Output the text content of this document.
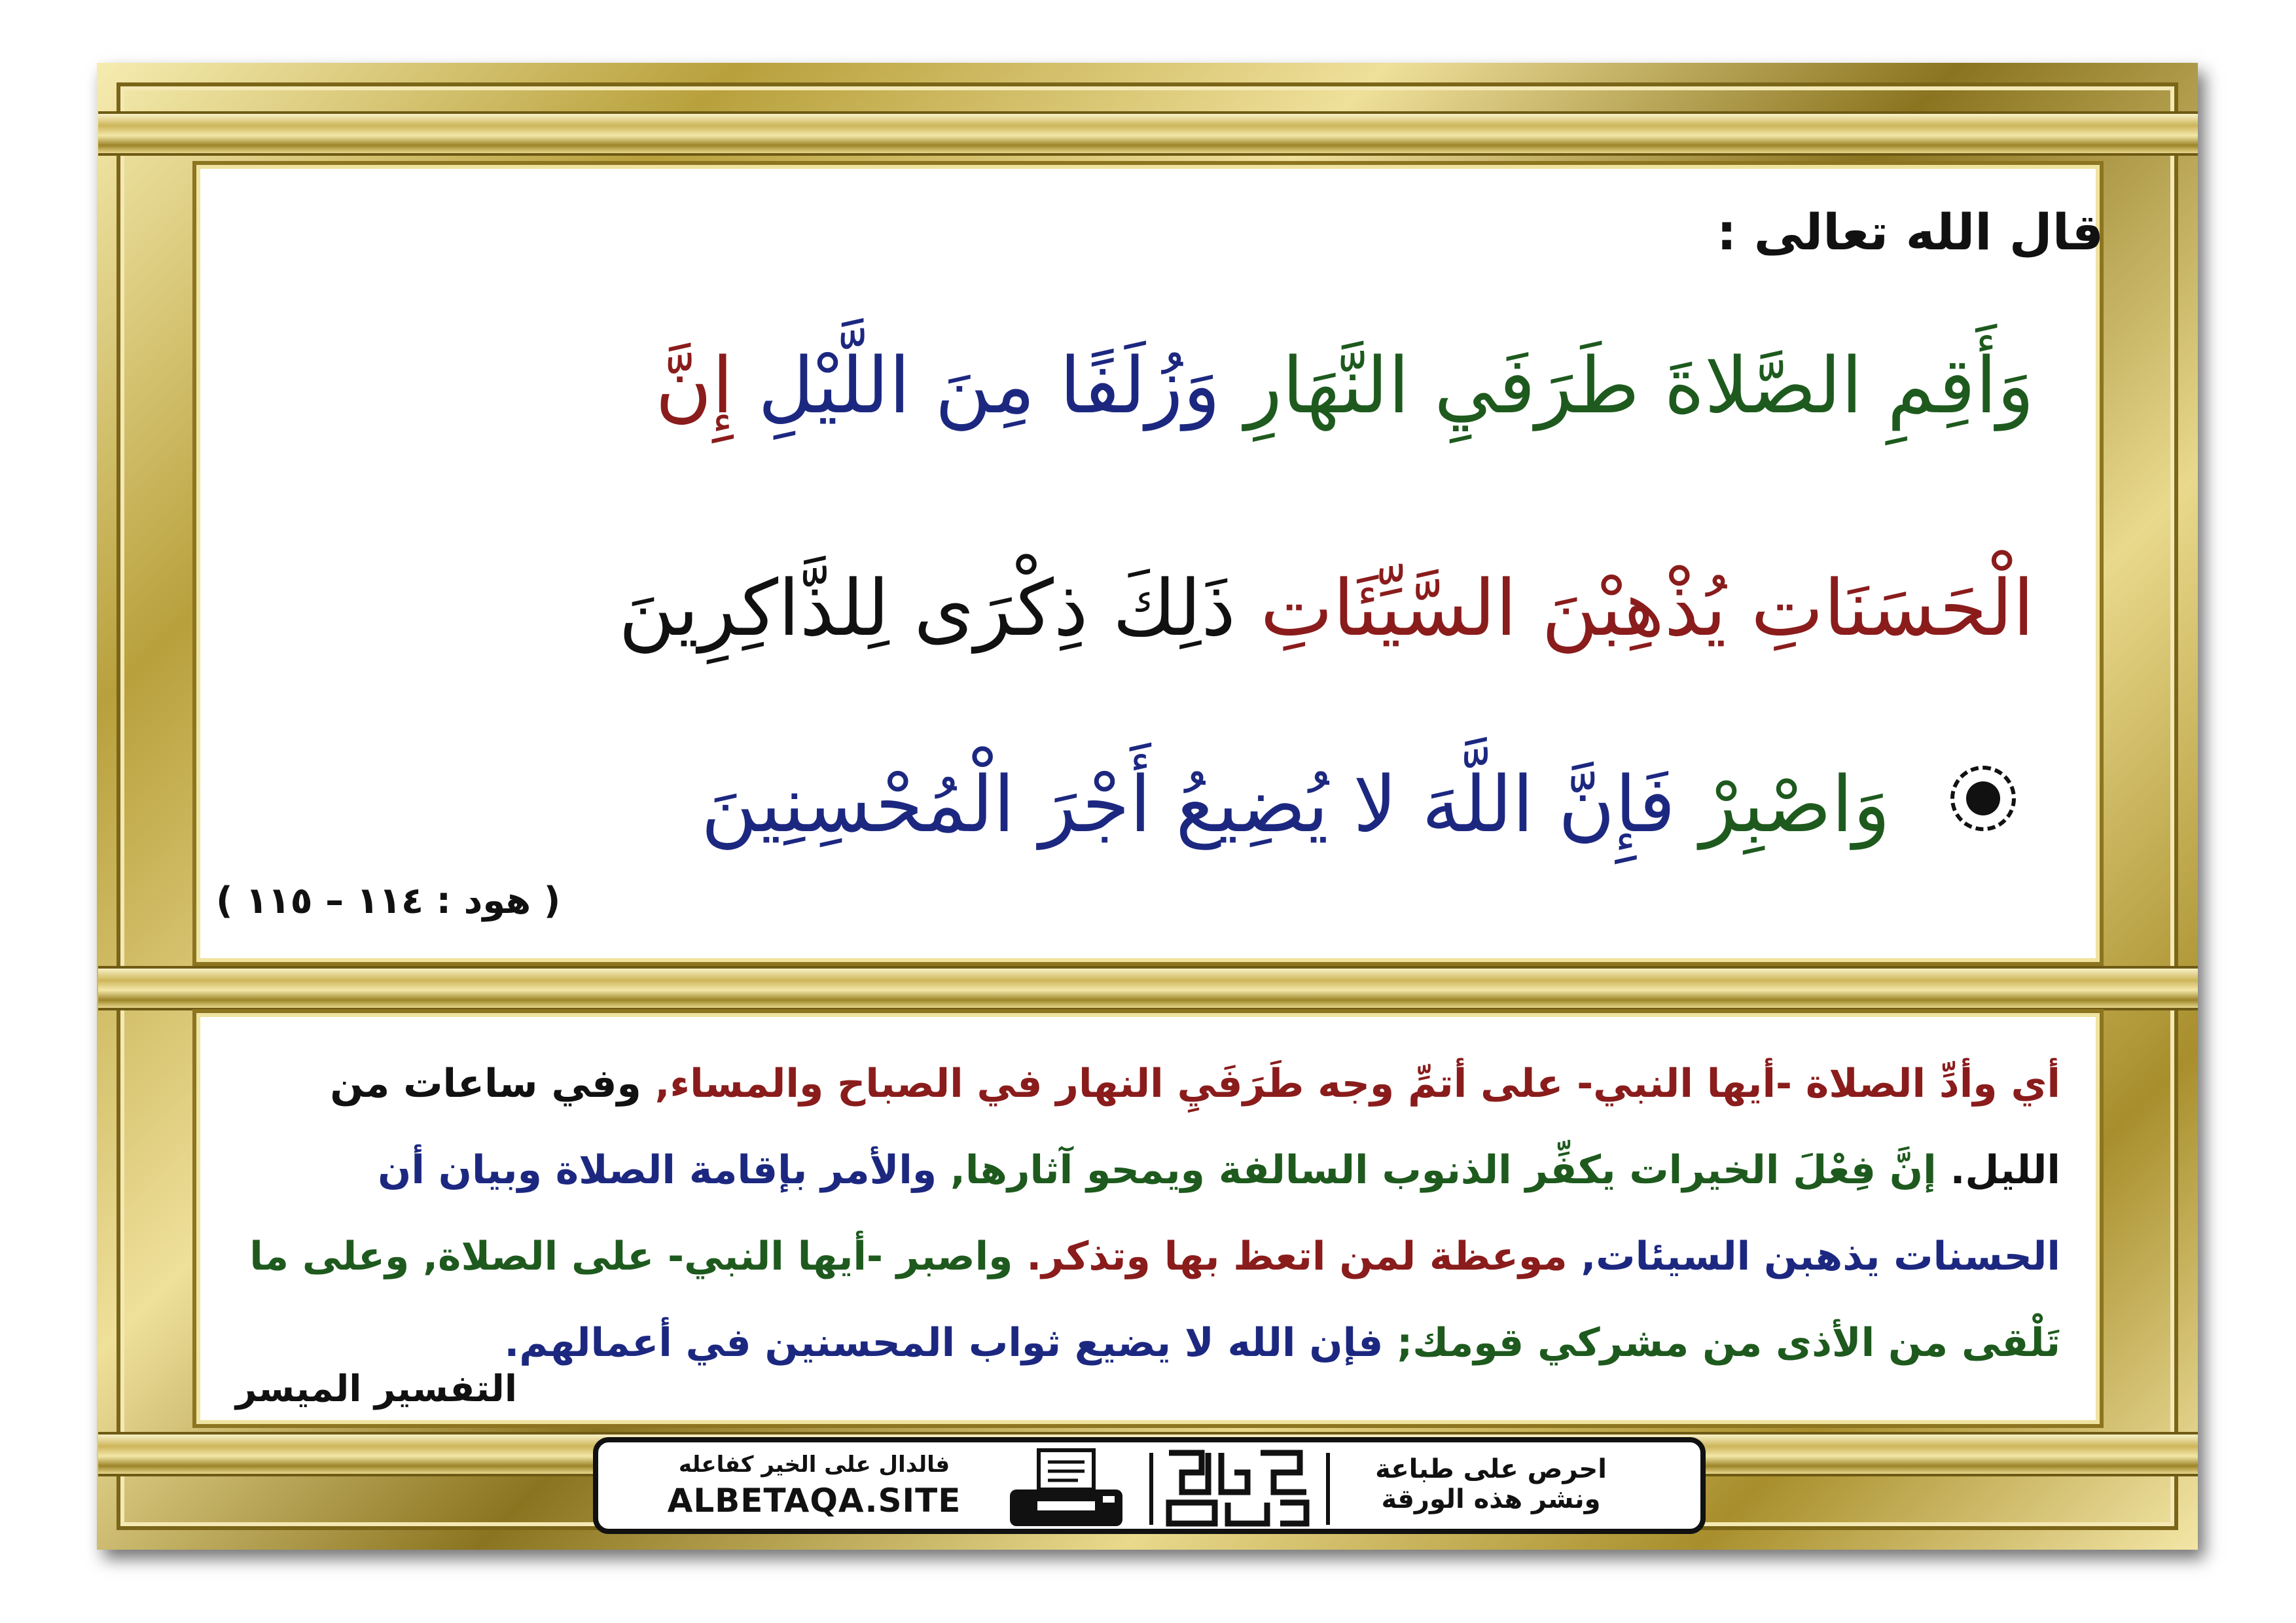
قال الله تعالى :
وَأَقِمِ الصَّلاةَ طَرَفَيِ النَّهَارِ وَزُلَفًا مِنَ اللَّيْلِ إِنَّ
الْحَسَنَاتِ يُذْهِبْنَ السَّيِّئَاتِ ذَلِكَ ذِكْرَى لِلذَّاكِرِينَ
وَاصْبِرْ فَإِنَّ اللَّهَ لا يُضِيعُ أَجْرَ الْمُحْسِنِينَ
( هود : ١١٤ – ١١٥ )
أي وأدِّ الصلاة -أيها النبي- على أتمِّ وجه طَرَفَيِ النهار في الصباح والمساء, وفي ساعات من الليل. إنَّ فِعْلَ الخيرات يكفِّر الذنوب السالفة ويمحو آثارها, والأمر بإقامة الصلاة وبيان أن الحسنات يذهبن السيئات, موعظة لمن اتعظ بها وتذكر. واصبر -أيها النبي- على الصلاة, وعلى ما تَلْقى من الأذى من مشركي قومك; فإن الله لا يضيع ثواب المحسنين في أعمالهم.
التفسير الميسر
فالدال على الخير كفاعله
ALBETAQA.SITE
احرص على طباعة
ونشر هذه الورقة
